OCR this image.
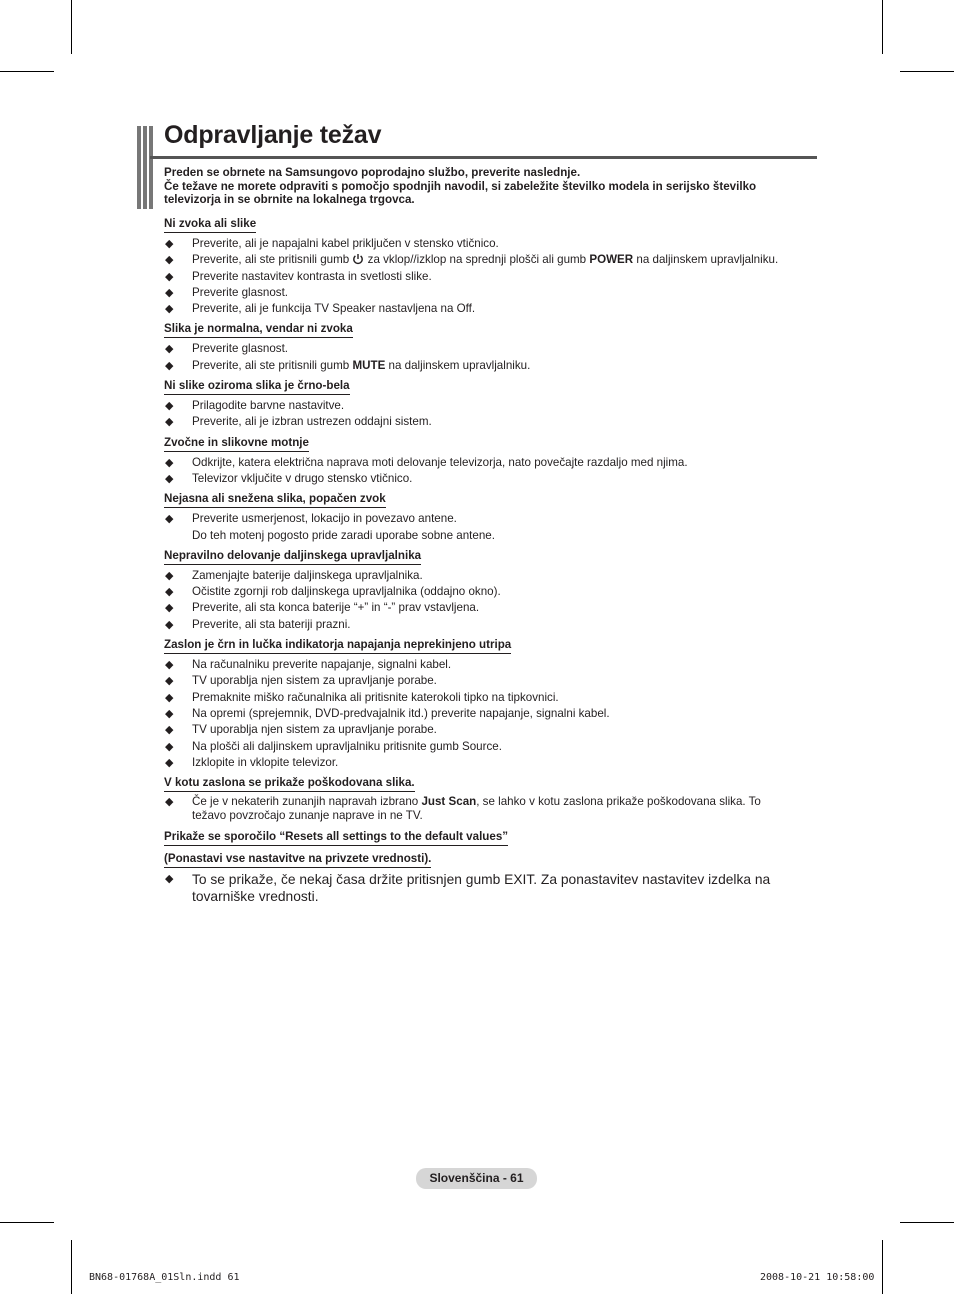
Odpravljanje težav

Preden se obrnete na Samsungovo poprodajno službo, preverite naslednje.

Če težave ne morete odpraviti s pomočjo spodnjih navodil, si zabeležite številko modela in serijsko številko televizorja in se obrnite na lokalnega trgovca.

Ni zvoka ali slike
◆ Preverite, ali je napajalni kabel priključen v stensko vtičnico.
◆ Preverite, ali ste pritisnili gumb  za vklop//izklop na sprednji plošči ali gumb POWER na daljinskem upravljalniku.
◆ Preverite nastavitev kontrasta in svetlosti slike.
◆ Preverite glasnost.
◆ Preverite, ali je funkcija TV Speaker nastavljena na Off.
Slika je normalna, vendar ni zvoka
◆ Preverite glasnost.
◆ Preverite, ali ste pritisnili gumb MUTE na daljinskem upravljalniku.
Ni slike oziroma slika je črno-bela
◆ Prilagodite barvne nastavitve.
◆ Preverite, ali je izbran ustrezen oddajni sistem.
Zvočne in slikovne motnje
◆ Odkrijte, katera električna naprava moti delovanje televizorja, nato povečajte razdaljo med njima.
◆ Televizor vključite v drugo stensko vtičnico.
Nejasna ali snežena slika, popačen zvok
◆ Preverite usmerjenost, lokacijo in povezavo antene.
Do teh motenj pogosto pride zaradi uporabe sobne antene.
Nepravilno delovanje daljinskega upravljalnika
◆ Zamenjajte baterije daljinskega upravljalnika.
◆ Očistite zgornji rob daljinskega upravljalnika (oddajno okno).
◆ Preverite, ali sta konca baterije “+” in “-” prav vstavljena.
◆ Preverite, ali sta bateriji prazni.
Zaslon je črn in lučka indikatorja napajanja neprekinjeno utripa
◆ Na računalniku preverite napajanje, signalni kabel.
◆ TV uporablja njen sistem za upravljanje porabe.
◆ Premaknite miško računalnika ali pritisnite katerokoli tipko na tipkovnici.
◆ Na opremi (sprejemnik, DVD-predvajalnik itd.) preverite napajanje, signalni kabel.
◆ TV uporablja njen sistem za upravljanje porabe.
◆ Na plošči ali daljinskem upravljalniku pritisnite gumb Source.
◆ Izklopite in vklopite televizor.
V kotu zaslona se prikaže poškodovana slika.
◆ Če je v nekaterih zunanjih napravah izbrano Just Scan, se lahko v kotu zaslona prikaže poškodovana slika. To
težavo povzročajo zunanje naprave in ne TV.
Prikaže se sporočilo “Resets all settings to the default values”
(Ponastavi vse nastavitve na privzete vrednosti).
◆ To se prikaže, če nekaj časa držite pritisnjen gumb EXIT. Za ponastavitev nastavitev izdelka na
tovarniške vrednosti.
Slovenščina - 61
BN68-01768A_01Sln.indd 61	2008-10-21 10:58:00
